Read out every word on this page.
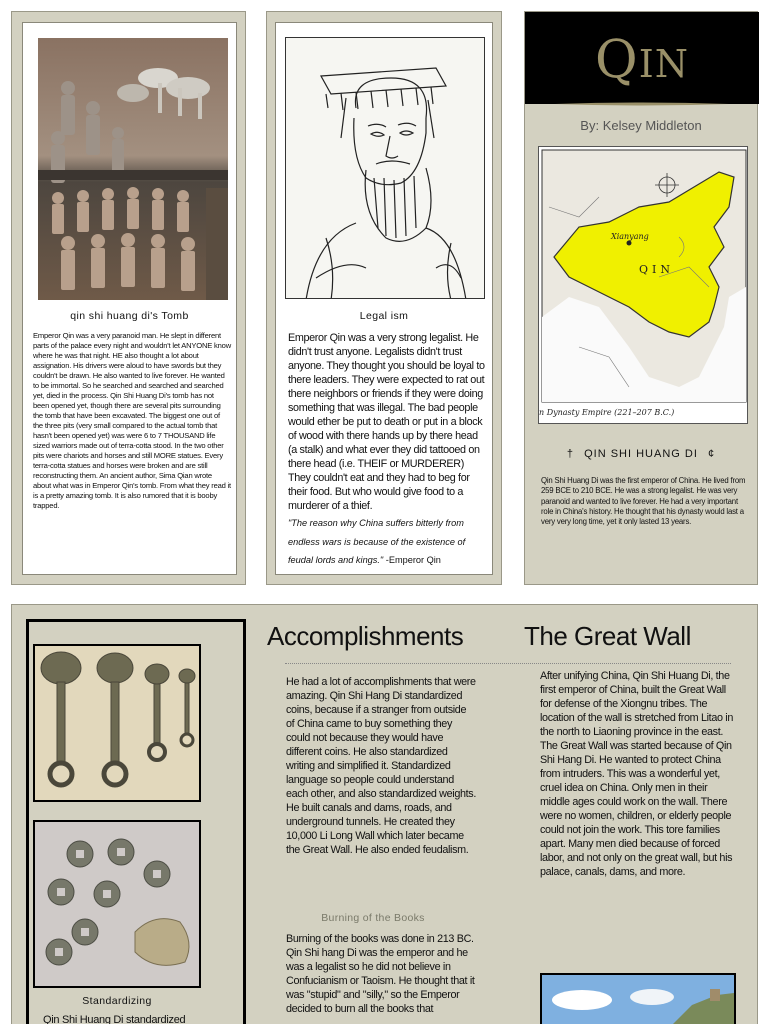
qin shi huang di's Tomb
Emperor Qin was a very paranoid man. He slept in different parts of the palace every night and wouldn't let ANYONE know where he was that night. HE also thought a lot about assignation. His drivers were aloud to have swords but they couldn't be drawn. He also wanted to live forever. He wanted to be immortal. So he searched and searched and searched yet, died in the process. Qin Shi Huang Di's tomb has not been opened yet, though there are several pits surrounding the tomb that have been excavated. The biggest one out of the three pits (very small compared to the actual tomb that hasn't been opened yet) was were 6 to 7 THOUSAND life sized warriors made out of terra-cotta stood. In the two other pits were chariots and horses and still MORE statues. Every terra-cotta statues and horses were broken and are still reconstructing them. An ancient author, Sima Qian wrote about what was in Emperor Qin's tomb. From what they read it is a pretty amazing tomb. It is also rumored that it is booby trapped.
Legal ism
Emperor Qin was a very strong legalist. He didn't trust anyone. Legalists didn't trust anyone. They thought you should be loyal to there leaders. They were expected to rat out there neighbors or friends if they were doing something that was illegal. The bad people would ether be put to death or put in a block of wood with there hands up by there head (a stalk) and what ever they did tattooed on there head (i.e. THEIF or MURDERER) They couldn't eat and they had to beg for their food. But who would give food to a murderer of a thief.
"The reason why China suffers bitterly from endless wars is because of the existence of feudal lords and kings." -Emperor Qin
QIN
By: Kelsey Middleton
Xianyang
QIN
n Dynasty Empire (221–207 B.C.)
† QIN SHI HUANG DI ¢
Qin Shi Huang Di was the first emperor of China. He lived from 259 BCE to 210 BCE. He was a strong legalist. He was very paranoid and wanted to live forever. He had a very important role in China's history. He thought that his dynasty would last a very very long time, yet it only lasted 13 years.
Standardizing
Qin Shi Huang Di standardized
Accomplishments The Great Wall
He had a lot of accomplishments that were amazing. Qin Shi Hang Di standardized coins, because if a stranger from outside of China came to buy something they could not because they would have different coins. He also standardized writing and simplified it. Standardized language so people could understand each other, and also standardized weights. He built canals and dams, roads, and underground tunnels. He created they 10,000 Li Long Wall which later became the Great Wall. He also ended feudalism.
Burning of the Books
Burning of the books was done in 213 BC. Qin Shi hang Di was the emperor and he was a legalist so he did not believe in Confucianism or Taoism. He thought that it was "stupid" and "silly," so the Emperor decided to burn all the books that
After unifying China, Qin Shi Huang Di, the first emperor of China, built the Great Wall for defense of the Xiongnu tribes. The location of the wall is stretched from Litao in the north to Liaoning province in the east. The Great Wall was started because of Qin Shi Hang Di. He wanted to protect China from intruders. This was a wonderful yet, cruel idea on China. Only men in their middle ages could work on the wall. There were no women, children, or elderly people could not join the work. This tore families apart. Many men died because of forced labor, and not only on the great wall, but his palace, canals, dams, and more.
